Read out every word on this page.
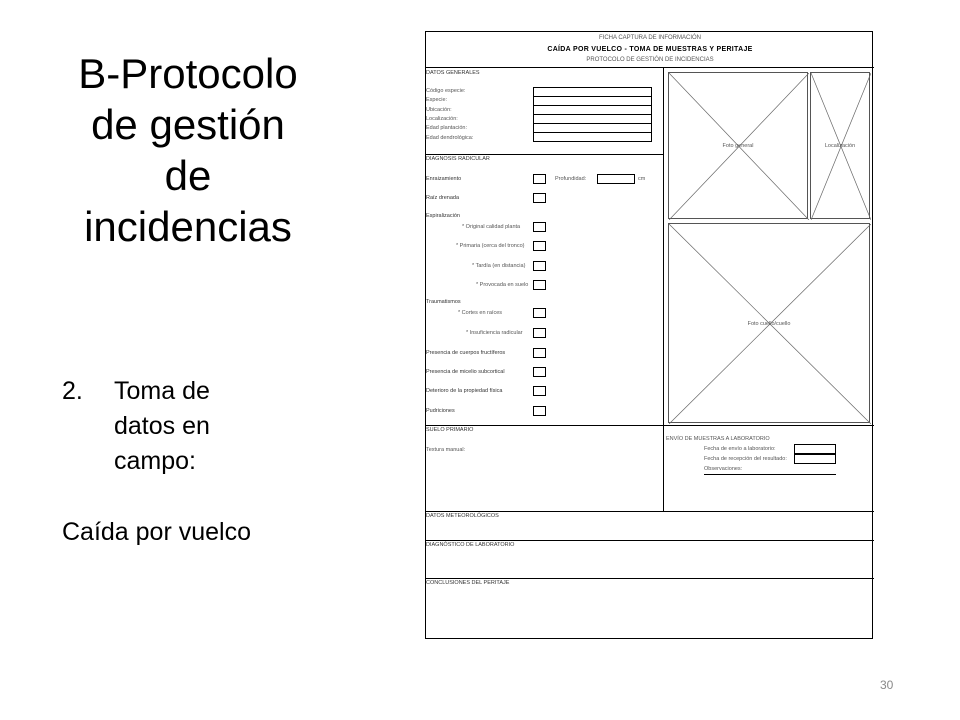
B-Protocolo
de gestión
de
incidencias
2. Toma de
datos en
campo:
Caída por vuelco
30
FICHA CAPTURA DE INFORMACIÓN
CAÍDA POR VUELCO - TOMA DE MUESTRAS Y PERITAJE
PROTOCOLO DE GESTIÓN DE INCIDENCIAS
DATOS GENERALES
Código especie:
Especie:
Ubicación:
Localización:
Edad plantación:
Edad dendrológica:
Foto general	Localización
Foto cuello/cuello
DIAGNOSIS RADICULAR
Enraizamiento	Profundidad:	cm
Raíz drenada
Espiralización
* Original calidad planta
* Primaria (cerca del tronco)
* Tardía (en distancia)
* Provocada en suelo
Traumatismos
* Cortes en raíces
* Insuficiencia radicular
Presencia de cuerpos fructíferos
Presencia de micelio subcortical
Deterioro de la propiedad física
Pudriciones
SUELO PRIMARIO
Textura manual:
ENVÍO DE MUESTRAS A LABORATORIO
Fecha de envío a laboratorio:
Fecha de recepción del resultado:
Observaciones:
DATOS METEOROLÓGICOS
DIAGNÓSTICO DE LABORATORIO
CONCLUSIONES DEL PERITAJE
